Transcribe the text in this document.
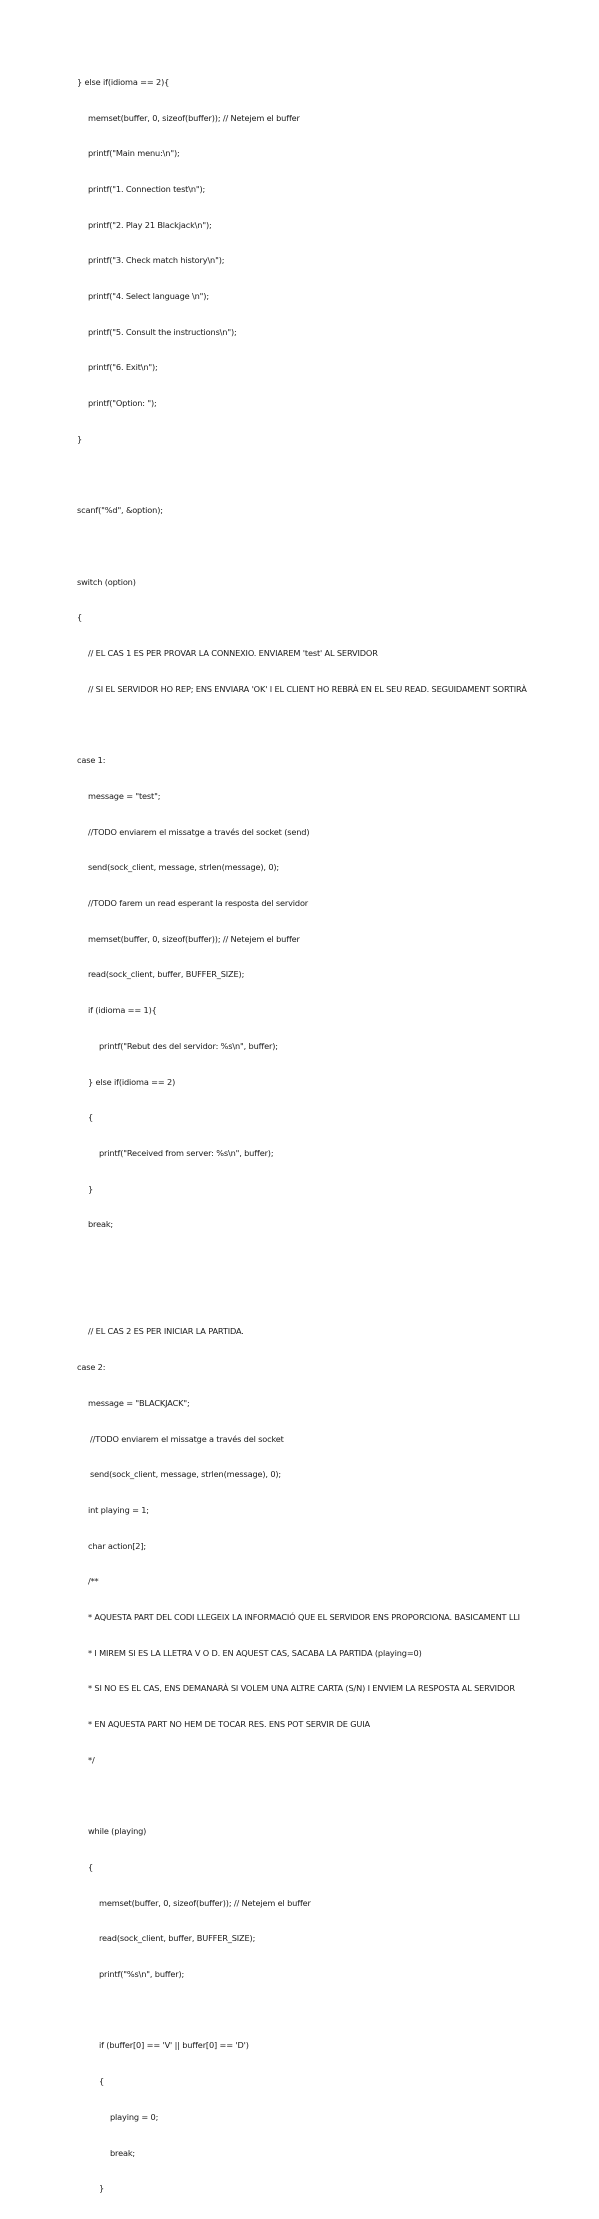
} else if(idioma == 2){

memset(buffer, 0, sizeof(buffer)); // Netejem el buffer

printf("Main menu:\n");

printf("1. Connection test\n");

printf("2. Play 21 Blackjack\n");

printf("3. Check match history\n");

printf("4. Select language \n");

printf("5. Consult the instructions\n");

printf("6. Exit\n");

printf("Option: ");

}

scanf("%d", &option);

switch (option)

{

// EL CAS 1 ES PER PROVAR LA CONNEXIO. ENVIAREM 'test' AL SERVIDOR

// SI EL SERVIDOR HO REP; ENS ENVIARA 'OK' I EL CLIENT HO REBRÀ EN EL SEU READ. SEGUIDAMENT SORTIRÀ

case 1:

message = "test";

//TODO enviarem el missatge a través del socket (send)

send(sock_client, message, strlen(message), 0);

//TODO farem un read esperant la resposta del servidor

memset(buffer, 0, sizeof(buffer)); // Netejem el buffer

read(sock_client, buffer, BUFFER_SIZE);

if (idioma == 1){

printf("Rebut des del servidor: %s\n", buffer);

} else if(idioma == 2)

{

printf("Received from server: %s\n", buffer);

}

break;

// EL CAS 2 ES PER INICIAR LA PARTIDA.

case 2:

message = "BLACKJACK";

//TODO enviarem el missatge a través del socket

send(sock_client, message, strlen(message), 0);

int playing = 1;

char action[2];

/**

* AQUESTA PART DEL CODI LLEGEIX LA INFORMACIÓ QUE EL SERVIDOR ENS PROPORCIONA. BASICAMENT LLI

* I MIREM SI ES LA LLETRA V O D. EN AQUEST CAS, SACABA LA PARTIDA (playing=0)

* SI NO ES EL CAS, ENS DEMANARÀ SI VOLEM UNA ALTRE CARTA (S/N) I ENVIEM LA RESPOSTA AL SERVIDOR

* EN AQUESTA PART NO HEM DE TOCAR RES. ENS POT SERVIR DE GUIA

*/

while (playing)

{

memset(buffer, 0, sizeof(buffer)); // Netejem el buffer

read(sock_client, buffer, BUFFER_SIZE);

printf("%s\n", buffer);

if (buffer[0] == 'V' || buffer[0] == 'D')

{

playing = 0;

break;

}
